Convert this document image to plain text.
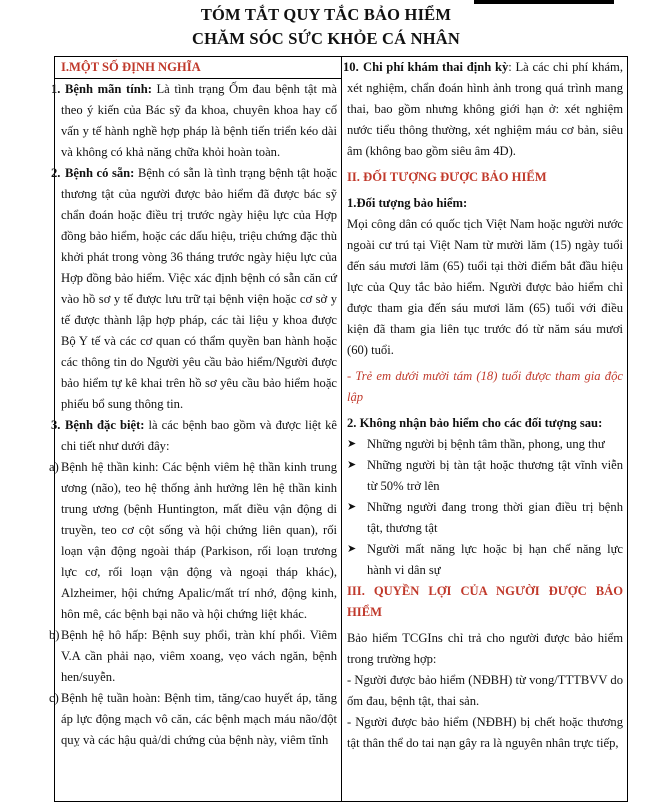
TÓM TẮT QUY TẮC BẢO HIỂM
CHĂM SÓC SỨC KHỎE CÁ NHÂN
I.MỘT SỐ ĐỊNH NGHĨA
1. Bệnh mãn tính: Là tình trạng Ốm đau bệnh tật mà theo ý kiến của Bác sỹ đa khoa, chuyên khoa hay cố vấn y tế hành nghề hợp pháp là bệnh tiến triển kéo dài và không có khả năng chữa khỏi hoàn toàn.
2. Bệnh có sẵn: Bệnh có sẵn là tình trạng bệnh tật hoặc thương tật của người được bảo hiểm đã được bác sỹ chẩn đoán hoặc điều trị trước ngày hiệu lực của Hợp đồng bảo hiểm, hoặc các dấu hiệu, triệu chứng đặc thù khởi phát trong vòng 36 tháng trước ngày hiệu lực của Hợp đồng bảo hiểm. Việc xác định bệnh có sẵn căn cứ vào hồ sơ y tế được lưu trữ tại bệnh viện hoặc cơ sở y tế được thành lập hợp pháp, các tài liệu y khoa được Bộ Y tế và các cơ quan có thẩm quyền ban hành hoặc các thông tin do Người yêu cầu bảo hiểm/Người được bảo hiểm tự kê khai trên hồ sơ yêu cầu bảo hiểm hoặc phiếu bổ sung thông tin.
3. Bệnh đặc biệt: là các bệnh bao gồm và được liệt kê chi tiết như dưới đây:
a) Bệnh hệ thần kinh: Các bệnh viêm hệ thần kinh trung ương (não), teo hệ thống ảnh hưởng lên hệ thần kinh trung ương (bệnh Huntington, mất điều vận động di truyền, teo cơ cột sống và hội chứng liên quan), rối loạn vận động ngoài tháp (Parkison, rối loạn trương lực cơ, rối loạn vận động và ngoại tháp khác), Alzheimer, hội chứng Apalic/mất trí nhớ, động kinh, hôn mê, các bệnh bại não và hội chứng liệt khác.
b) Bệnh hệ hô hấp: Bệnh suy phổi, tràn khí phổi. Viêm V.A cần phải nạo, viêm xoang, vẹo vách ngăn, bệnh hen/suyễn.
c) Bệnh hệ tuần hoàn: Bệnh tim, tăng/cao huyết áp, tăng áp lực động mạch vô căn, các bệnh mạch máu não/đột quỵ và các hậu quả/di chứng của bệnh này, viêm tĩnh
10. Chi phí khám thai định kỳ: Là các chi phí khám, xét nghiệm, chẩn đoán hình ảnh trong quá trình mang thai, bao gồm nhưng không giới hạn ở: xét nghiệm nước tiểu thông thường, xét nghiệm máu cơ bản, siêu âm (không bao gồm siêu âm 4D).
II. ĐỐI TƯỢNG ĐƯỢC BẢO HIỂM
1.Đối tượng bảo hiểm:
Mọi công dân có quốc tịch Việt Nam hoặc người nước ngoài cư trú tại Việt Nam từ mười lăm (15) ngày tuổi đến sáu mươi lăm (65) tuổi tại thời điểm bắt đầu hiệu lực của Quy tắc bảo hiểm. Người được bảo hiểm chỉ được tham gia đến sáu mươi lăm (65) tuổi với điều kiện đã tham gia liên tục trước đó từ năm sáu mươi (60) tuổi.
- Trẻ em dưới mười tám (18) tuổi được tham gia độc lập
2. Không nhận bảo hiểm cho các đối tượng sau:
➤ Những người bị bệnh tâm thần, phong, ung thư
➤ Những người bị tàn tật hoặc thương tật vĩnh viễn từ 50% trở lên
➤ Những người đang trong thời gian điều trị bệnh tật, thương tật
➤ Người mất năng lực hoặc bị hạn chế năng lực hành vi dân sự
III. QUYỀN LỢI CỦA NGƯỜI ĐƯỢC BẢO HIỂM
Bảo hiểm TCGIns chỉ trả cho người được bảo hiểm trong trường hợp:
- Người được bảo hiểm (NĐBH) từ vong/TTTBVV do ốm đau, bệnh tật, thai sản.
- Người được bảo hiểm (NĐBH) bị chết hoặc thương tật thân thể do tai nạn gây ra là nguyên nhân trực tiếp,
